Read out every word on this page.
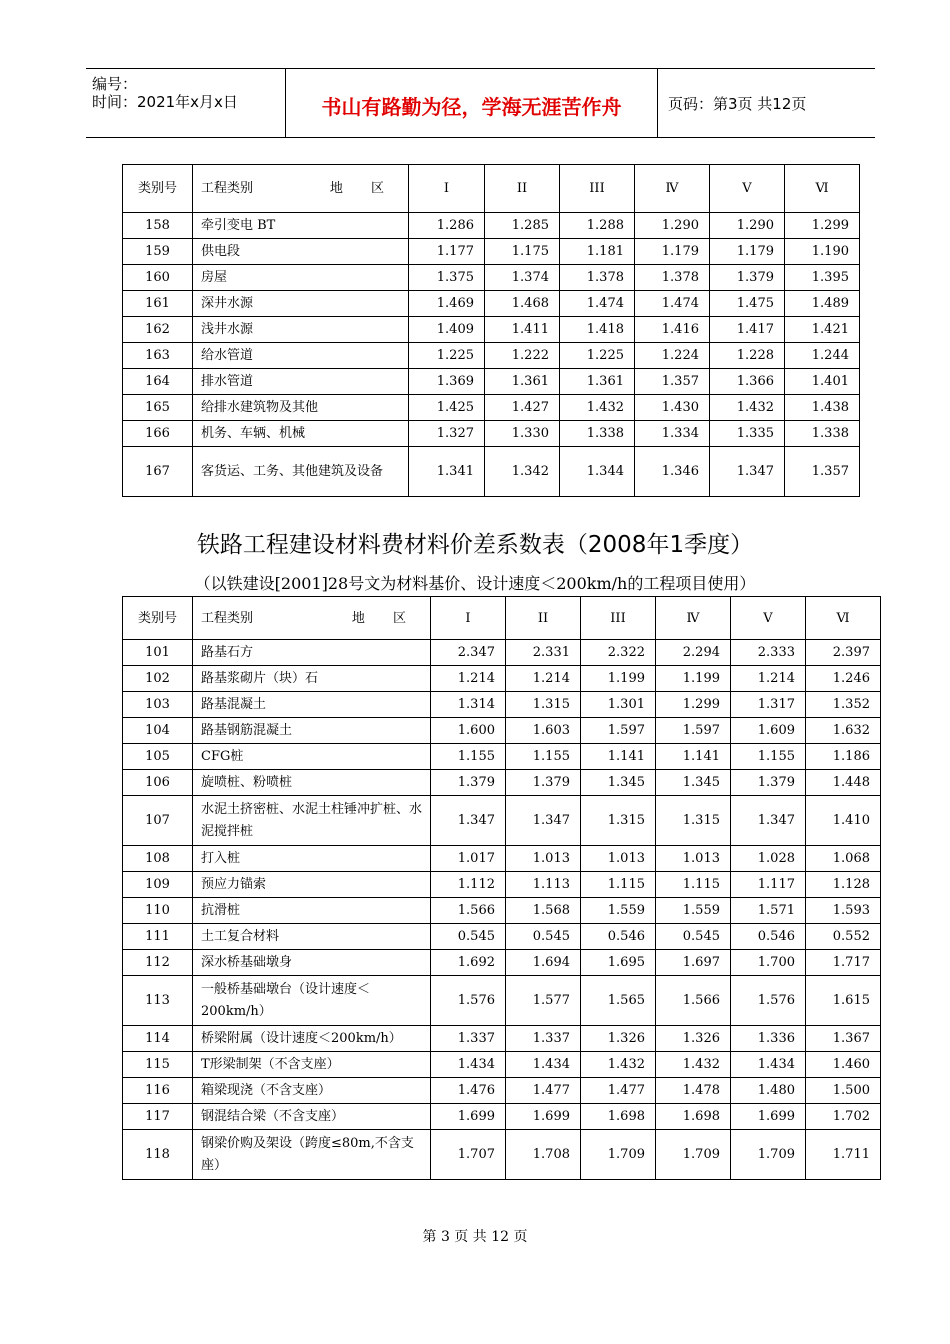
编号：
时间：2021年x月x日	书山有路勤为径，学海无涯苦作舟	页码：第3页 共12页
类别号	工程类别 地 区	I	II	III	Ⅳ	V	Ⅵ
158	牵引变电 BT	1.286	1.285	1.288	1.290	1.290	1.299
159	供电段	1.177	1.175	1.181	1.179	1.179	1.190
160	房屋	1.375	1.374	1.378	1.378	1.379	1.395
161	深井水源	1.469	1.468	1.474	1.474	1.475	1.489
162	浅井水源	1.409	1.411	1.418	1.416	1.417	1.421
163	给水管道	1.225	1.222	1.225	1.224	1.228	1.244
164	排水管道	1.369	1.361	1.361	1.357	1.366	1.401
165	给排水建筑物及其他	1.425	1.427	1.432	1.430	1.432	1.438
166	机务、车辆、机械	1.327	1.330	1.338	1.334	1.335	1.338
167	客货运、工务、其他建筑及设备	1.341	1.342	1.344	1.346	1.347	1.357
铁路工程建设材料费材料价差系数表（2008年1季度）
（以铁建设[2001]28号文为材料基价、设计速度＜200km/h的工程项目使用）
类别号	工程类别 地 区	I	II	III	Ⅳ	V	Ⅵ
101	路基石方	2.347	2.331	2.322	2.294	2.333	2.397
102	路基浆砌片（块）石	1.214	1.214	1.199	1.199	1.214	1.246
103	路基混凝土	1.314	1.315	1.301	1.299	1.317	1.352
104	路基钢筋混凝土	1.600	1.603	1.597	1.597	1.609	1.632
105	CFG桩	1.155	1.155	1.141	1.141	1.155	1.186
106	旋喷桩、粉喷桩	1.379	1.379	1.345	1.345	1.379	1.448
107	水泥土挤密桩、水泥土柱锤冲扩桩、水泥搅拌桩	1.347	1.347	1.315	1.315	1.347	1.410
108	打入桩	1.017	1.013	1.013	1.013	1.028	1.068
109	预应力锚索	1.112	1.113	1.115	1.115	1.117	1.128
110	抗滑桩	1.566	1.568	1.559	1.559	1.571	1.593
111	土工复合材料	0.545	0.545	0.546	0.545	0.546	0.552
112	深水桥基础墩身	1.692	1.694	1.695	1.697	1.700	1.717
113	一般桥基础墩台（设计速度＜200km/h）	1.576	1.577	1.565	1.566	1.576	1.615
114	桥梁附属（设计速度＜200km/h）	1.337	1.337	1.326	1.326	1.336	1.367
115	T形梁制架（不含支座）	1.434	1.434	1.432	1.432	1.434	1.460
116	箱梁现浇（不含支座）	1.476	1.477	1.477	1.478	1.480	1.500
117	钢混结合梁（不含支座）	1.699	1.699	1.698	1.698	1.699	1.702
118	钢梁价购及架设（跨度≤80m,不含支座）	1.707	1.708	1.709	1.709	1.709	1.711
第 3 页 共 12 页
